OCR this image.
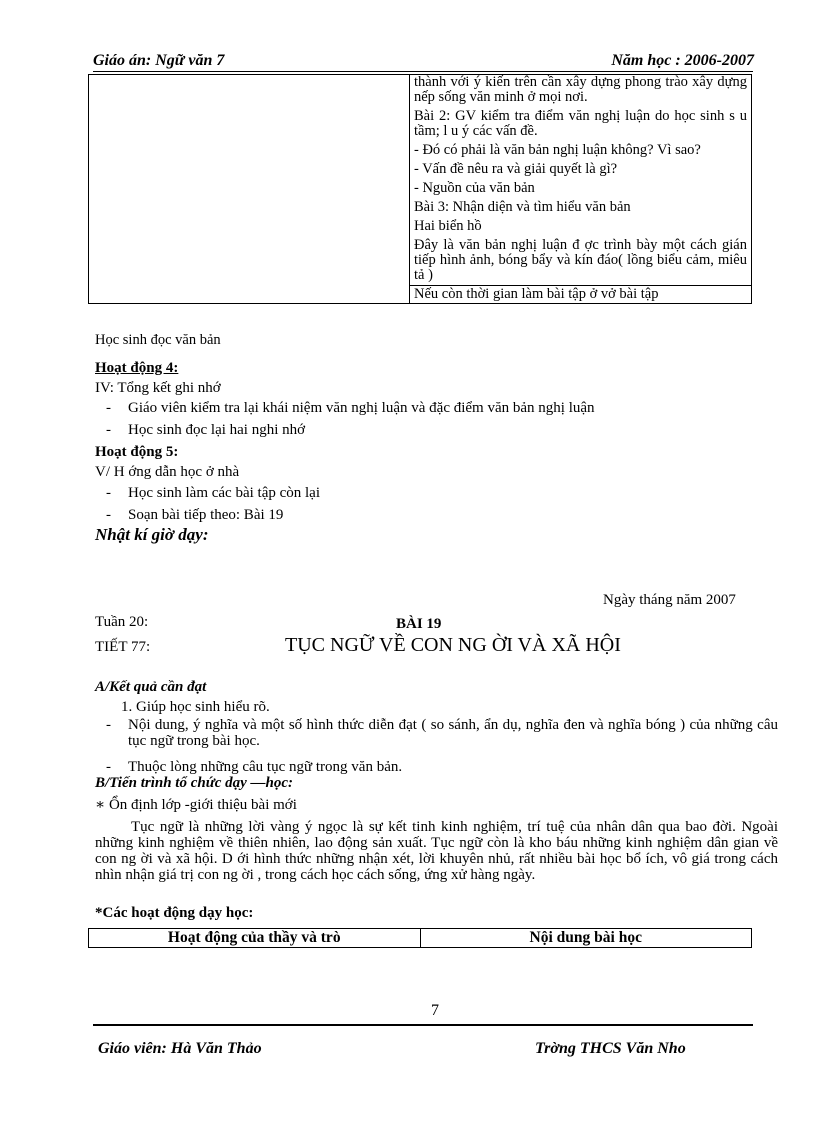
Giáo án: Ngữ văn 7	Năm học : 2006-2007

thành với ý kiến trên cần xây dựng phong trào xây dựng nếp sống văn minh ở mọi nơi.

Bài 2: GV kiểm tra điểm văn nghị luận do học sinh s u tầm; l u ý các vấn đề.

- Đó có phải là văn bản nghị luận không? Vì sao?

- Vấn đề nêu ra và giải quyết là gì?

- Nguồn của văn bản

Bài 3: Nhận diện và tìm hiểu văn bản

Hai biển hồ

Đây là văn bản nghị luận đ ợc trình bày một cách gián tiếp hình ảnh, bóng bẩy và kín đáo( lồng biểu cảm, miêu tả )

Nếu còn thời gian làm bài tập ở vở bài tập
Học sinh đọc văn bản
Hoạt động 4:
IV: Tổng kết ghi nhớ
- Giáo viên kiểm tra lại khái niệm văn nghị luận và đặc điểm văn bản nghị luận
- Học sinh đọc lại hai nghi nhớ
Hoạt động 5:
V/ H ớng dẫn học ở nhà
- Học sinh làm các bài tập còn lại
- Soạn bài tiếp theo: Bài 19
Nhật kí giờ dạy:
Ngày tháng năm 2007
Tuần 20:	BÀI 19
TIẾT 77:	TỤC NGỮ VỀ CON NG ỜI VÀ XÃ HỘI
A/Kết quả cần đạt
1. Giúp học sinh hiểu rõ.
- Nội dung, ý nghĩa và một số hình thức diễn đạt ( so sánh, ẩn dụ, nghĩa đen và nghĩa bóng ) của những câu tục ngữ trong bài học.
- Thuộc lòng những câu tục ngữ trong văn bản.
B/Tiến trình tổ chức dạy —học:
∗ Ổn định lớp -giới thiệu bài mới
Tục ngữ là những lời vàng ý ngọc là sự kết tinh kinh nghiệm, trí tuệ của nhân dân qua bao đời. Ngoài những kinh nghiệm về thiên nhiên, lao động sản xuất. Tục ngữ còn là kho báu những kinh nghiệm dân gian về con ng ời và xã hội. D ới hình thức những nhận xét, lời khuyên nhủ, rất nhiều bài học bổ ích, vô giá trong cách nhìn nhận giá trị con ng ời , trong cách học cách sống, ứng xử hàng ngày.
*Các hoạt động dạy học:
Hoạt động của thầy và trò	Nội dung bài học
7
Giáo viên: Hà Văn Thảo	Trờng THCS Văn Nho
